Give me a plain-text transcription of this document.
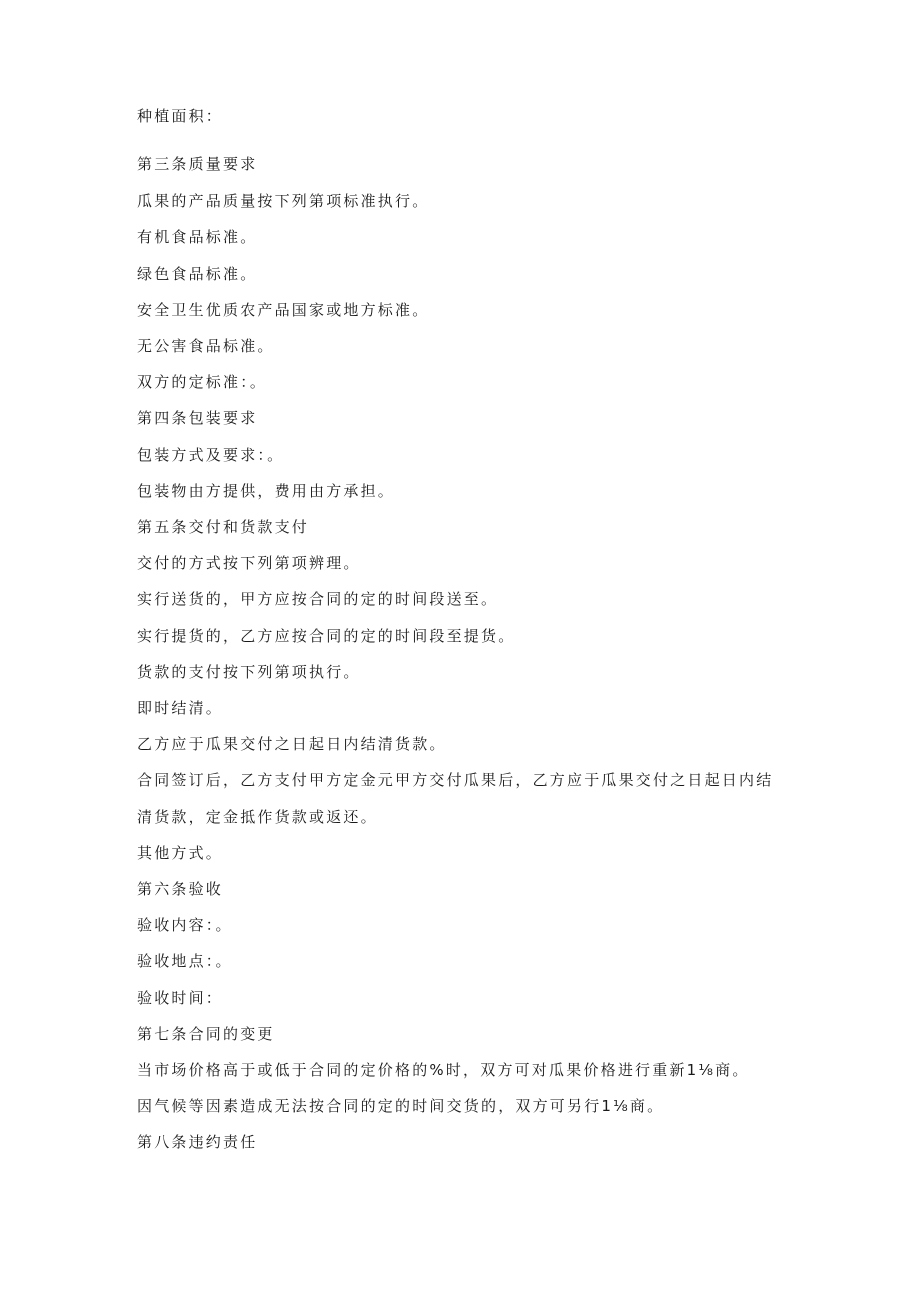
种植面积：
第三条质量要求
瓜果的产品质量按下列第项标准执行。
有机食品标准。
绿色食品标准。
安全卫生优质农产品国家或地方标准。
无公害食品标准。
双方的定标准：。
第四条包装要求
包装方式及要求：。
包装物由方提供，费用由方承担。
第五条交付和货款支付
交付的方式按下列第项辨理。
实行送货的，甲方应按合同的定的时间段送至。
实行提货的，乙方应按合同的定的时间段至提货。
货款的支付按下列第项执行。
即时结清。
乙方应于瓜果交付之日起日内结清货款。
合同签订后，乙方支付甲方定金元甲方交付瓜果后，乙方应于瓜果交付之日起日内结
清货款，定金抵作货款或返还。
其他方式。
第六条验收
验收内容：。
验收地点：。
验收时间：
第七条合同的变更
当市场价格高于或低于合同的定价格的%时，双方可对瓜果价格进行重新1⅛商。
因气候等因素造成无法按合同的定的时间交货的，双方可另行1⅛商。
第八条违约责任
